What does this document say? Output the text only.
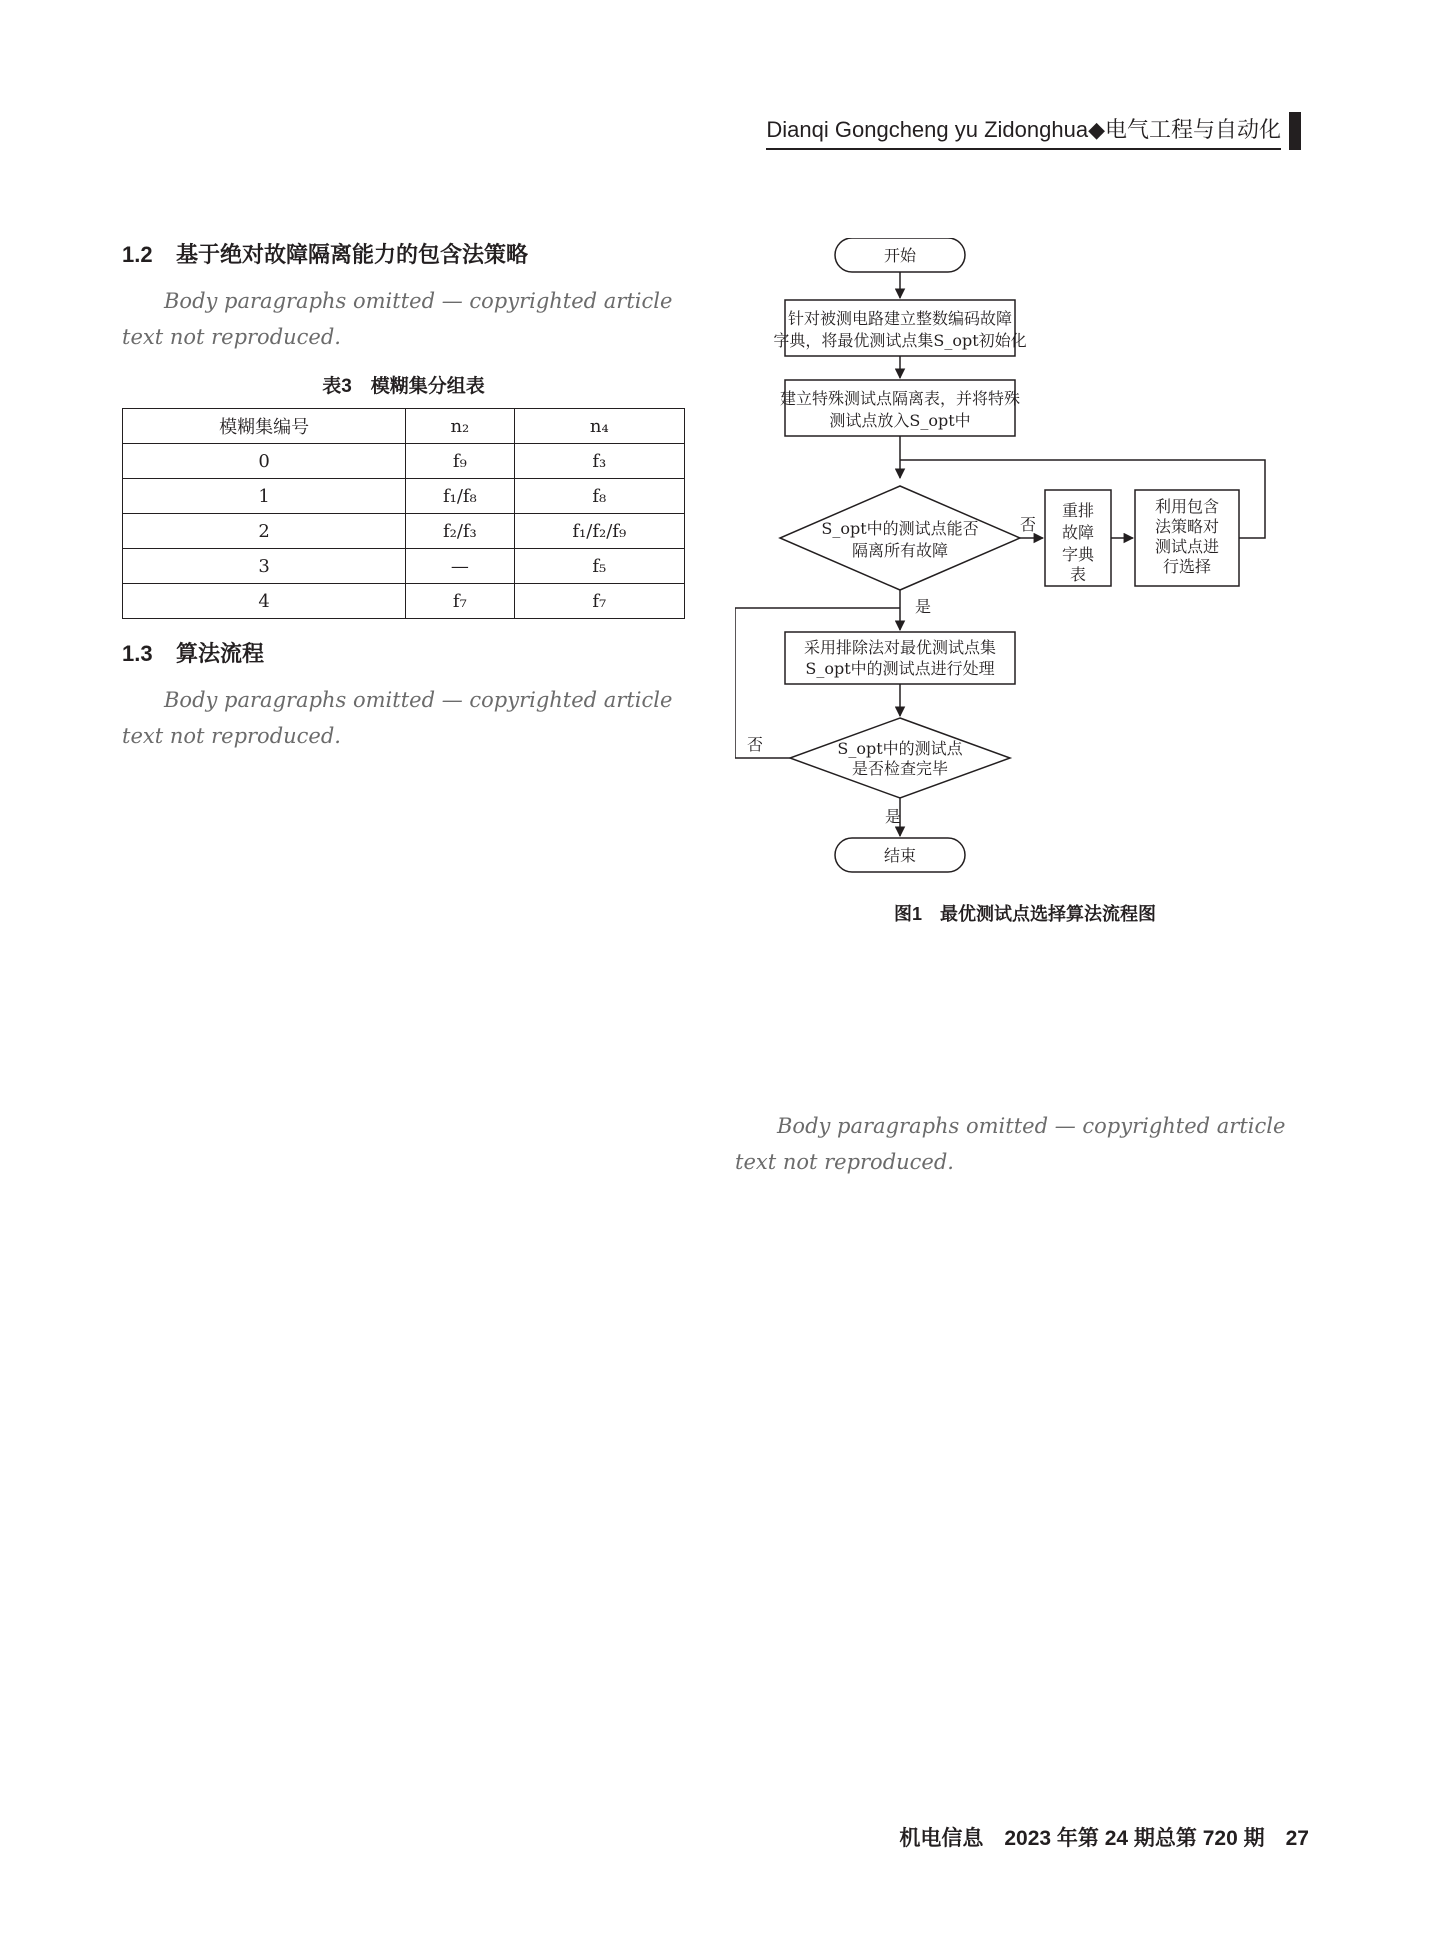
Dianqi Gongcheng yu Zidonghua◆电气工程与自动化
1.2 基于绝对故障隔离能力的包含法策略

Body paragraphs omitted — copyrighted article text not reproduced.

表3　模糊集分组表
模糊集编号	n₂	n₄
0	f₉	f₃
1	f₁/f₈	f₈
2	f₂/f₃	f₁/f₂/f₉
3	—	f₅
4	f₇	f₇
1.3 算法流程

Body paragraphs omitted — copyrighted article text not reproduced.

开始
针对被测电路建立整数编码故障
字典，将最优测试点集S_opt初始化
建立特殊测试点隔离表，并将特殊
测试点放入S_opt中
S_opt中的测试点能否
隔离所有故障
否
重排
故障
字典
表
利用包含
法策略对
测试点进
行选择
是
采用排除法对最优测试点集
S_opt中的测试点进行处理
否	S_opt中的测试点
是否检查完毕
是
结束
图1　最优测试点选择算法流程图

Body paragraphs omitted — copyrighted article text not reproduced.

机电信息　2023 年第 24 期总第 720 期　27
